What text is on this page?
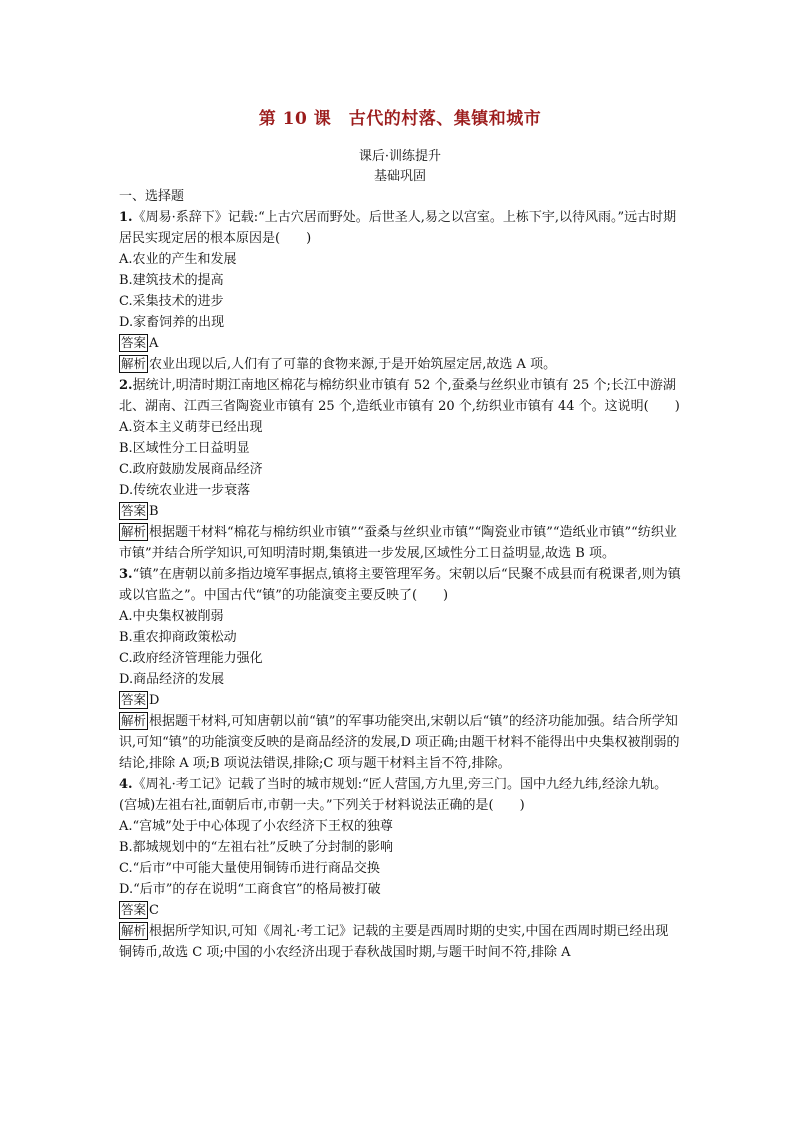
第 10 课　古代的村落、集镇和城市
课后·训练提升
基础巩固
一、选择题

1.《周易·系辞下》记载:“上古穴居而野处。后世圣人,易之以宫室。上栋下宇,以待风雨。”远古时期居民实现定居的根本原因是(　　)

A.农业的产生和发展

B.建筑技术的提高

C.采集技术的进步

D.家畜饲养的出现

答案 A

解析 农业出现以后,人们有了可靠的食物来源,于是开始筑屋定居,故选 A 项。

2.据统计,明清时期江南地区棉花与棉纺织业市镇有 52 个,蚕桑与丝织业市镇有 25 个;长江中游湖北、湖南、江西三省陶瓷业市镇有 25 个,造纸业市镇有 20 个,纺织业市镇有 44 个。这说明(　　)

A.资本主义萌芽已经出现

B.区域性分工日益明显

C.政府鼓励发展商品经济

D.传统农业进一步衰落

答案 B

解析 根据题干材料“棉花与棉纺织业市镇”“蚕桑与丝织业市镇”“陶瓷业市镇”“造纸业市镇”“纺织业市镇”并结合所学知识,可知明清时期,集镇进一步发展,区域性分工日益明显,故选 B 项。

3.“镇”在唐朝以前多指边境军事据点,镇将主要管理军务。宋朝以后“民聚不成县而有税课者,则为镇或以官监之”。中国古代“镇”的功能演变主要反映了(　　)

A.中央集权被削弱

B.重农抑商政策松动

C.政府经济管理能力强化

D.商品经济的发展

答案 D

解析 根据题干材料,可知唐朝以前“镇”的军事功能突出,宋朝以后“镇”的经济功能加强。结合所学知识,可知“镇”的功能演变反映的是商品经济的发展,D 项正确;由题干材料不能得出中央集权被削弱的结论,排除 A 项;B 项说法错误,排除;C 项与题干材料主旨不符,排除。

4.《周礼·考工记》记载了当时的城市规划:“匠人营国,方九里,旁三门。国中九经九纬,经涂九轨。(宫城)左祖右社,面朝后市,市朝一夫。”下列关于材料说法正确的是(　　)

A.“宫城”处于中心体现了小农经济下王权的独尊

B.都城规划中的“左祖右社”反映了分封制的影响

C.“后市”中可能大量使用铜铸币进行商品交换

D.“后市”的存在说明“工商食官”的格局被打破

答案 C

解析 根据所学知识,可知《周礼·考工记》记载的主要是西周时期的史实,中国在西周时期已经出现铜铸币,故选 C 项;中国的小农经济出现于春秋战国时期,与题干时间不符,排除 A
